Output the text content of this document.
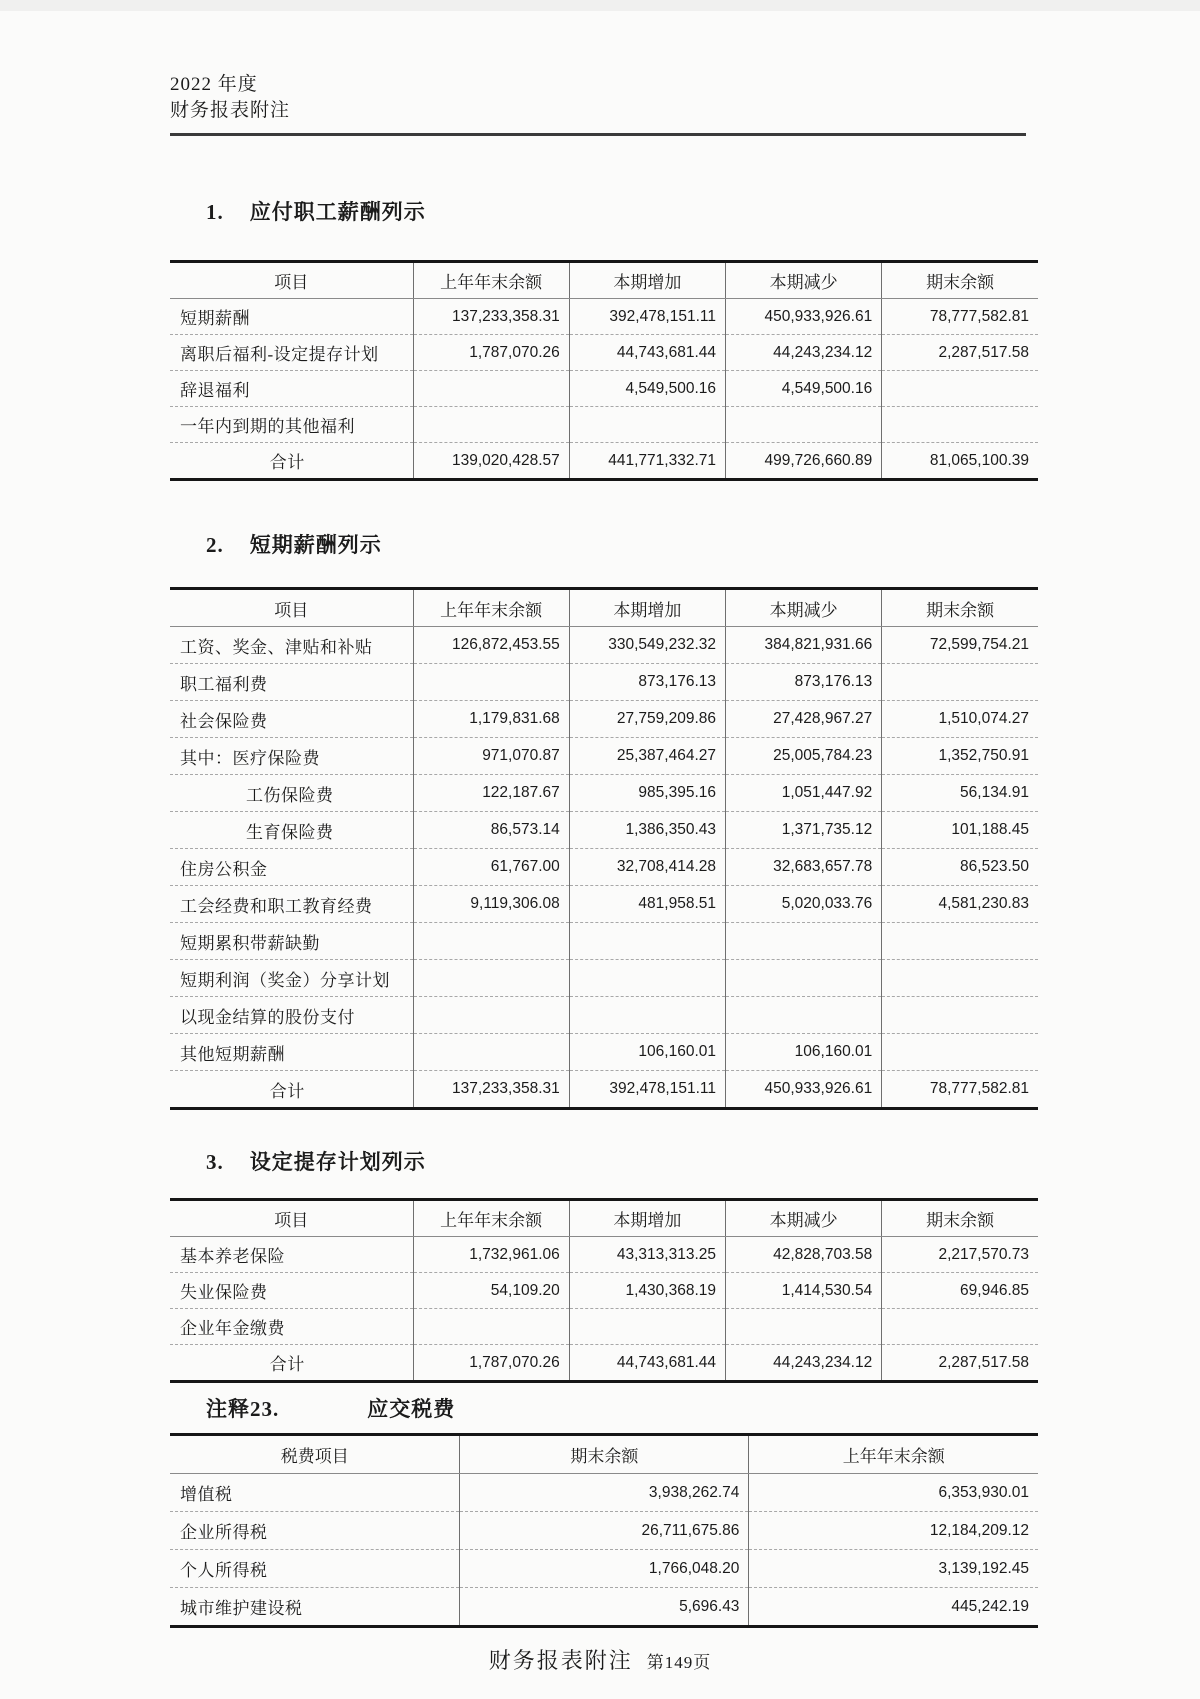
2022 年度
财务报表附注
1. 应付职工薪酬列示
项目	上年年末余额	本期增加	本期减少	期末余额
短期薪酬	137,233,358.31	392,478,151.11	450,933,926.61	78,777,582.81
离职后福利-设定提存计划	1,787,070.26	44,743,681.44	44,243,234.12	2,287,517.58
辞退福利		4,549,500.16	4,549,500.16	
一年内到期的其他福利				
合计	139,020,428.57	441,771,332.71	499,726,660.89	81,065,100.39
2. 短期薪酬列示
项目	上年年末余额	本期增加	本期减少	期末余额
工资、奖金、津贴和补贴	126,872,453.55	330,549,232.32	384,821,931.66	72,599,754.21
职工福利费		873,176.13	873,176.13	
社会保险费	1,179,831.68	27,759,209.86	27,428,967.27	1,510,074.27
其中：医疗保险费	971,070.87	25,387,464.27	25,005,784.23	1,352,750.91
工伤保险费	122,187.67	985,395.16	1,051,447.92	56,134.91
生育保险费	86,573.14	1,386,350.43	1,371,735.12	101,188.45
住房公积金	61,767.00	32,708,414.28	32,683,657.78	86,523.50
工会经费和职工教育经费	9,119,306.08	481,958.51	5,020,033.76	4,581,230.83
短期累积带薪缺勤				
短期利润（奖金）分享计划				
以现金结算的股份支付				
其他短期薪酬		106,160.01	106,160.01	
合计	137,233,358.31	392,478,151.11	450,933,926.61	78,777,582.81
3. 设定提存计划列示
项目	上年年末余额	本期增加	本期减少	期末余额
基本养老保险	1,732,961.06	43,313,313.25	42,828,703.58	2,217,570.73
失业保险费	54,109.20	1,430,368.19	1,414,530.54	69,946.85
企业年金缴费				
合计	1,787,070.26	44,743,681.44	44,243,234.12	2,287,517.58
注释23.	应交税费
税费项目	期末余额	上年年末余额
增值税	3,938,262.74	6,353,930.01
企业所得税	26,711,675.86	12,184,209.12
个人所得税	1,766,048.20	3,139,192.45
城市维护建设税	5,696.43	445,242.19
财务报表附注 第149页
